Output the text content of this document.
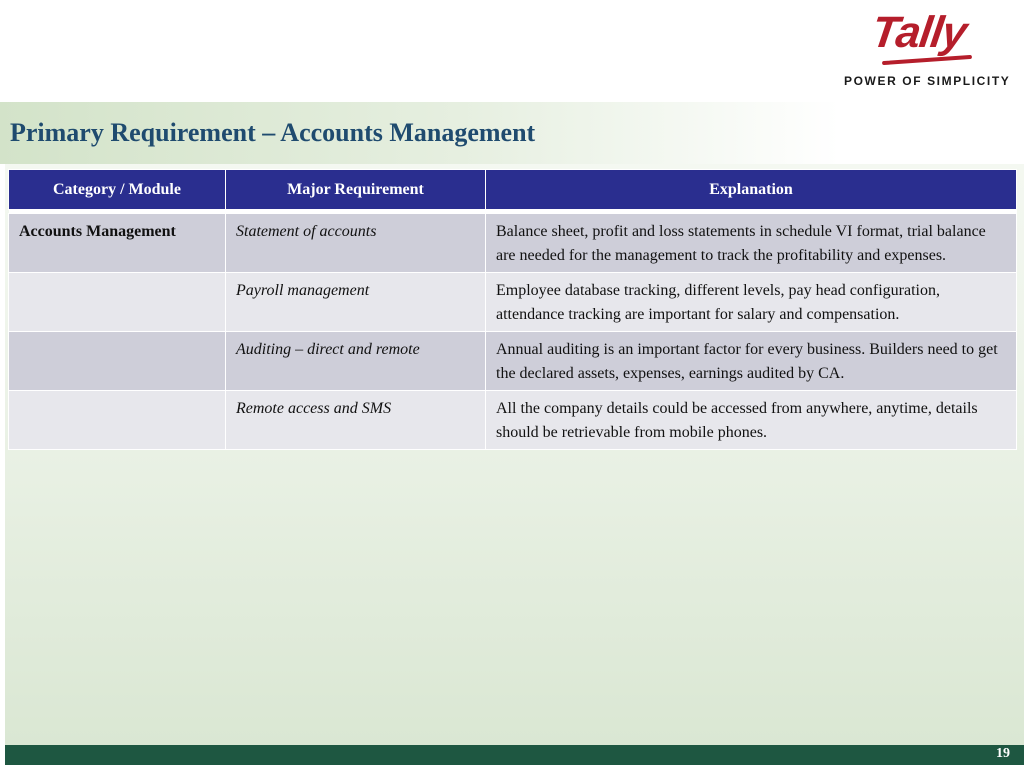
Tally
POWER OF SIMPLICITY
Primary Requirement – Accounts Management
Category / Module	Major Requirement	Explanation

Accounts Management	Statement of accounts	Balance sheet, profit and loss statements in schedule VI format, trial balance are needed for the management to track the profitability and expenses.
	Payroll management	Employee database tracking, different levels, pay head configuration, attendance tracking are important for salary and compensation.
	Auditing – direct and remote	Annual auditing is an important factor for every business. Builders need to get the declared assets, expenses, earnings audited by CA.
	Remote access and SMS	All the company details could be accessed from anywhere, anytime, details should be retrievable from mobile phones.
19
